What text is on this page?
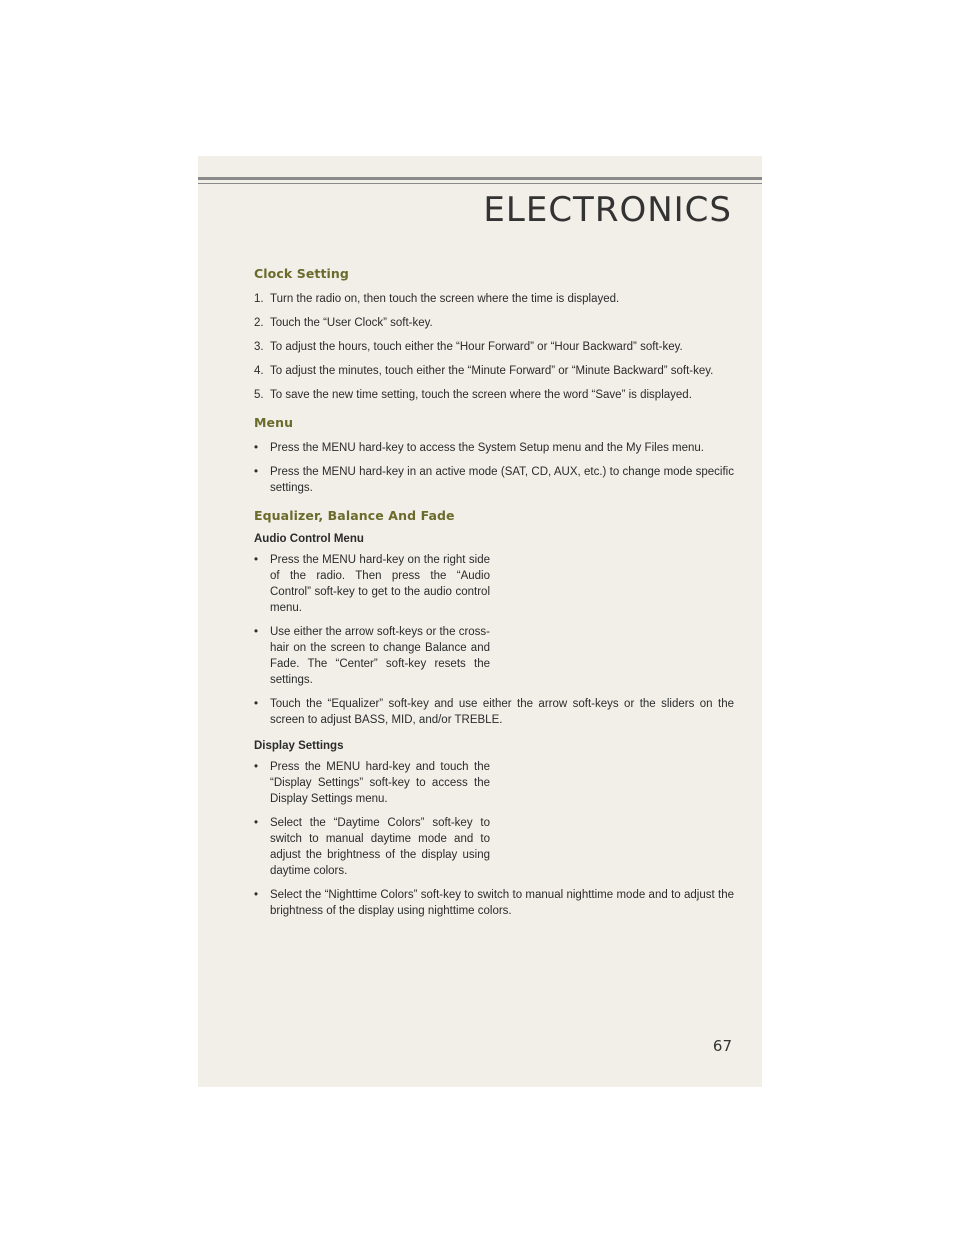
ELECTRONICS
Clock Setting
1. Turn the radio on, then touch the screen where the time is displayed.
2. Touch the “User Clock” soft-key.
3. To adjust the hours, touch either the “Hour Forward” or “Hour Backward” soft-key.
4. To adjust the minutes, touch either the “Minute Forward” or “Minute Backward” soft-key.
5. To save the new time setting, touch the screen where the word “Save” is displayed.
Menu
• Press the MENU hard-key to access the System Setup menu and the My Files menu.
• Press the MENU hard-key in an active mode (SAT, CD, AUX, etc.) to change mode specific settings.
Equalizer, Balance And Fade
Audio Control Menu
• Press the MENU hard-key on the right side of the radio. Then press the “Audio Control” soft-key to get to the audio control menu.
• Use either the arrow soft-keys or the cross-hair on the screen to change Balance and Fade. The “Center” soft-key resets the settings.
• Touch the “Equalizer” soft-key and use either the arrow soft-keys or the sliders on the screen to adjust BASS, MID, and/or TREBLE.
Display Settings
• Press the MENU hard-key and touch the “Display Settings” soft-key to access the Display Settings menu.
• Select the “Daytime Colors” soft-key to switch to manual daytime mode and to adjust the brightness of the display using daytime colors.
• Select the “Nighttime Colors” soft-key to switch to manual nighttime mode and to adjust the brightness of the display using nighttime colors.
67
